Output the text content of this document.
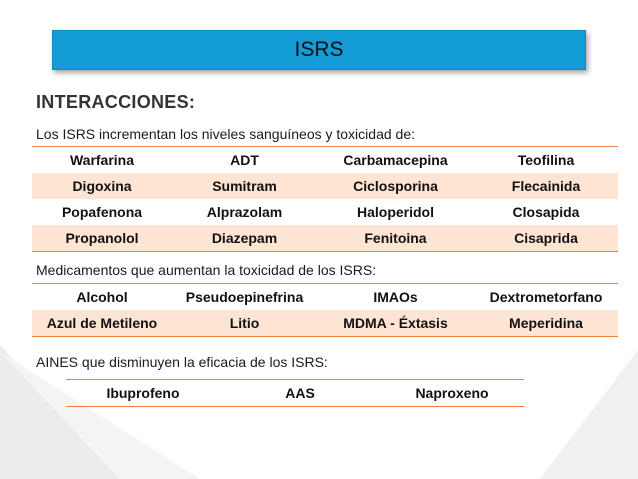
ISRS
INTERACCIONES:
Los ISRS incrementan los niveles sanguíneos y toxicidad de:
Warfarina	ADT	Carbamacepina	Teofilina
Digoxina	Sumitram	Ciclosporina	Flecainida
Popafenona	Alprazolam	Haloperidol	Closapida
Propanolol	Diazepam	Fenitoina	Cisaprida
Medicamentos que aumentan la toxicidad de los ISRS:
Alcohol	Pseudoepinefrina	IMAOs	Dextrometorfano
Azul de Metileno	Litio	MDMA - Éxtasis	Meperidina
AINES que disminuyen la eficacia de los ISRS:
Ibuprofeno	AAS	Naproxeno
